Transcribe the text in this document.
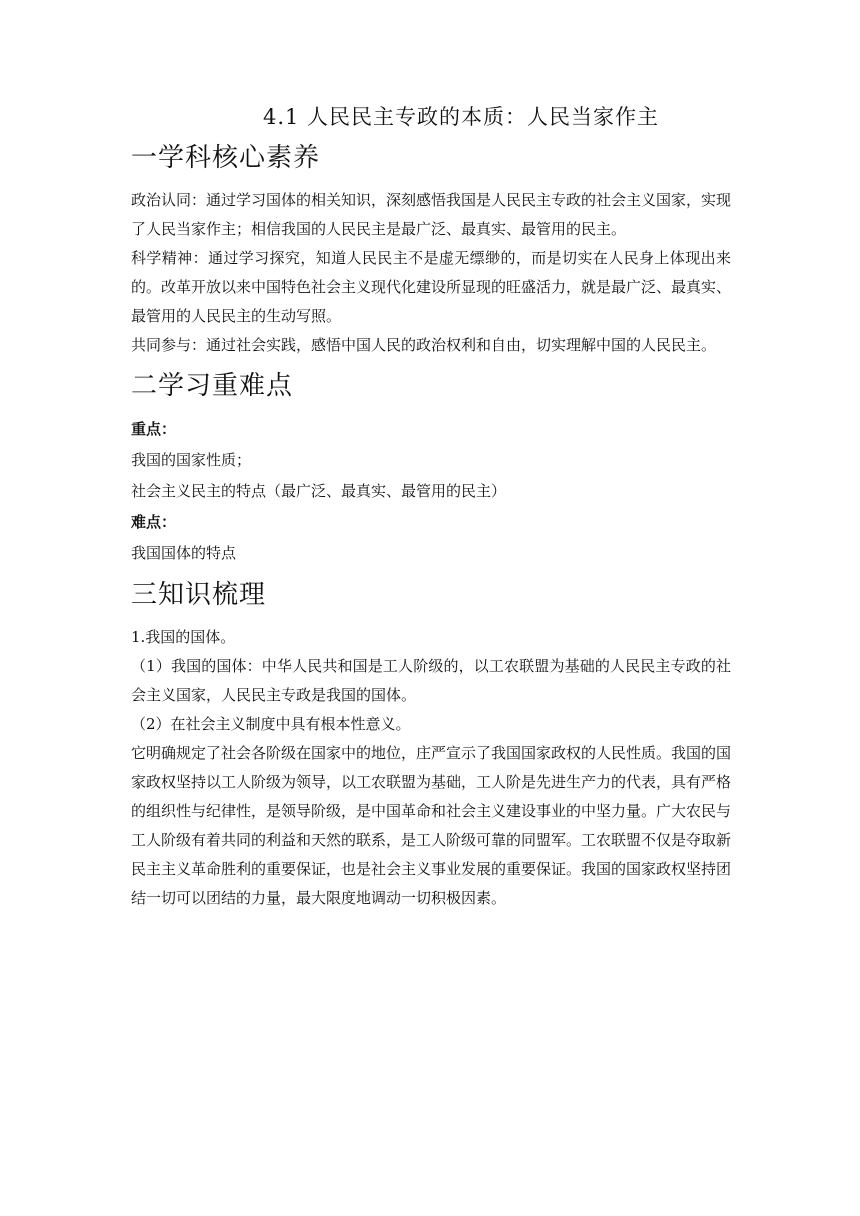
4.1 人民民主专政的本质：人民当家作主
一学科核心素养

政治认同：通过学习国体的相关知识，深刻感悟我国是人民民主专政的社会主义国家，实现了人民当家作主；相信我国的人民民主是最广泛、最真实、最管用的民主。

科学精神：通过学习探究，知道人民民主不是虚无缥缈的，而是切实在人民身上体现出来的。改革开放以来中国特色社会主义现代化建设所显现的旺盛活力，就是最广泛、最真实、最管用的人民民主的生动写照。

共同参与：通过社会实践，感悟中国人民的政治权利和自由，切实理解中国的人民民主。

二学习重难点

重点：

我国的国家性质；

社会主义民主的特点（最广泛、最真实、最管用的民主）

难点：

我国国体的特点

三知识梳理

1.我国的国体。

（1）我国的国体：中华人民共和国是工人阶级的，以工农联盟为基础的人民民主专政的社会主义国家，人民民主专政是我国的国体。

（2）在社会主义制度中具有根本性意义。

它明确规定了社会各阶级在国家中的地位，庄严宣示了我国国家政权的人民性质。我国的国家政权坚持以工人阶级为领导，以工农联盟为基础，工人阶是先进生产力的代表，具有严格的组织性与纪律性，是领导阶级，是中国革命和社会主义建设事业的中坚力量。广大农民与工人阶级有着共同的利益和天然的联系，是工人阶级可靠的同盟军。工农联盟不仅是夺取新民主主义革命胜利的重要保证，也是社会主义事业发展的重要保证。我国的国家政权坚持团结一切可以团结的力量，最大限度地调动一切积极因素。
